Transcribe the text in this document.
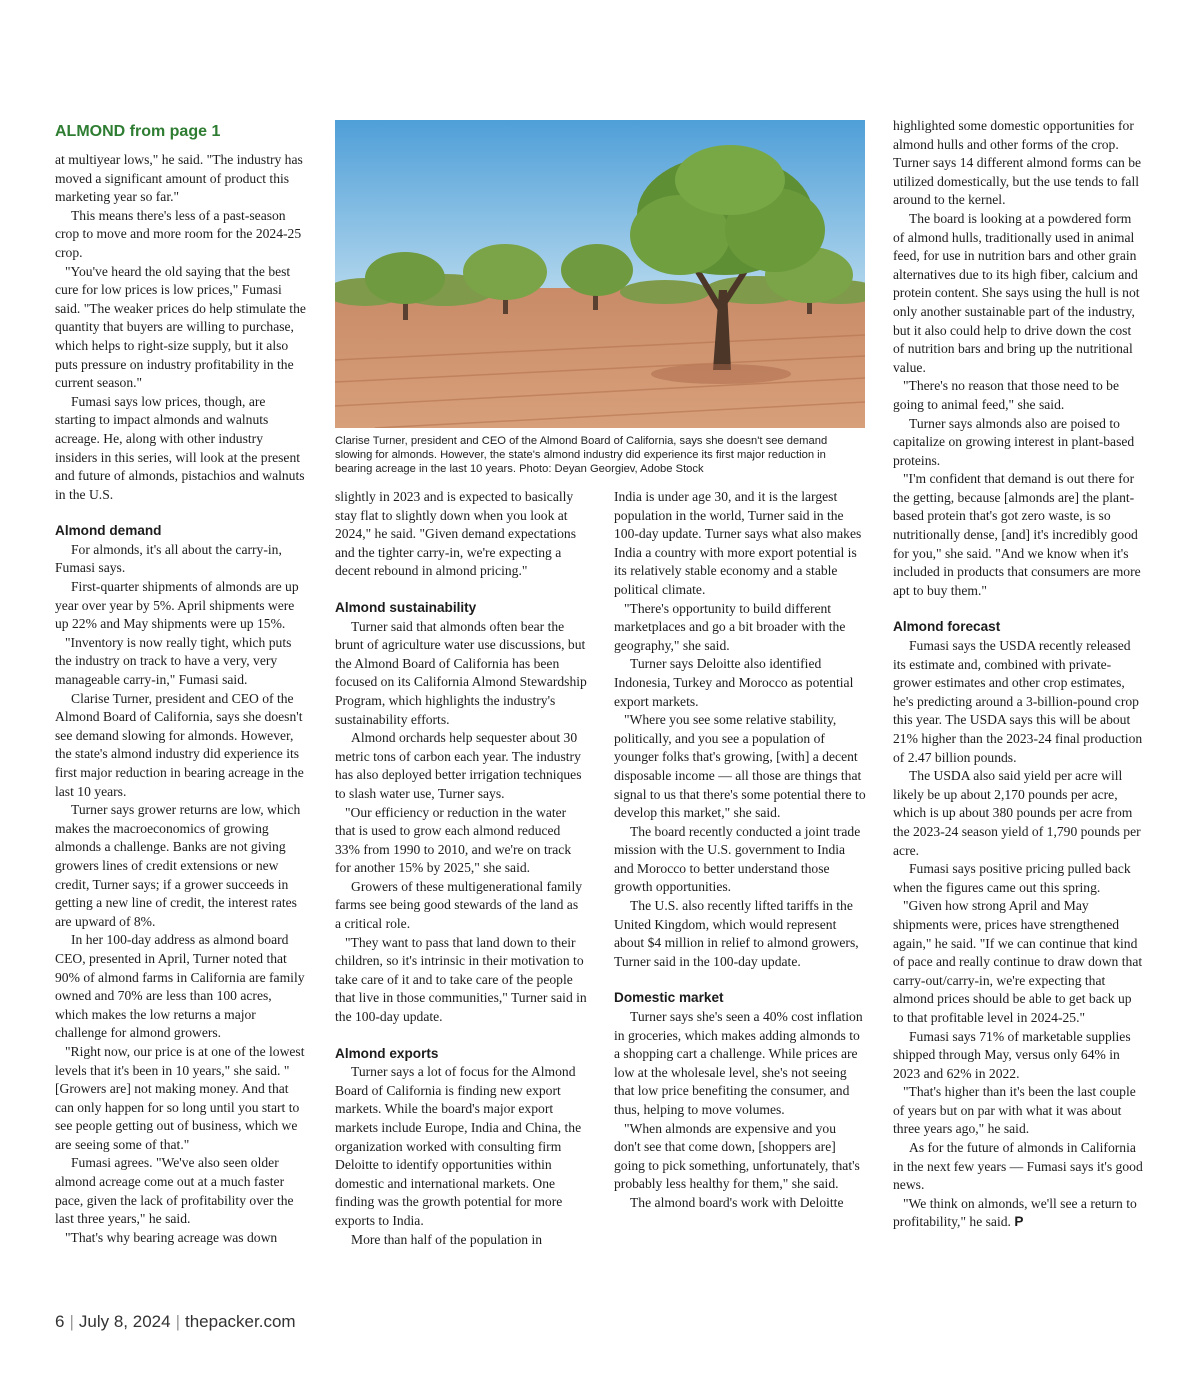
ALMOND from page 1

at multiyear lows," he said. "The industry has moved a significant amount of product this marketing year so far."

This means there's less of a past-season crop to move and more room for the 2024-25 crop.

"You've heard the old saying that the best cure for low prices is low prices," Fumasi said. "The weaker prices do help stimulate the quantity that buyers are willing to purchase, which helps to right-size supply, but it also puts pressure on industry profitability in the current season."

Fumasi says low prices, though, are starting to impact almonds and walnuts acreage. He, along with other industry insiders in this series, will look at the present and future of almonds, pistachios and walnuts in the U.S.

Almond demand

For almonds, it's all about the carry-in, Fumasi says.

First-quarter shipments of almonds are up year over year by 5%. April shipments were up 22% and May shipments were up 15%.

"Inventory is now really tight, which puts the industry on track to have a very, very manageable carry-in," Fumasi said.

Clarise Turner, president and CEO of the Almond Board of California, says she doesn't see demand slowing for almonds. However, the state's almond industry did experience its first major reduction in bearing acreage in the last 10 years.

Turner says grower returns are low, which makes the macroeconomics of growing almonds a challenge. Banks are not giving growers lines of credit extensions or new credit, Turner says; if a grower succeeds in getting a new line of credit, the interest rates are upward of 8%.

In her 100-day address as almond board CEO, presented in April, Turner noted that 90% of almond farms in California are family owned and 70% are less than 100 acres, which makes the low returns a major challenge for almond growers.

"Right now, our price is at one of the lowest levels that it's been in 10 years," she said. "[Growers are] not making money. And that can only happen for so long until you start to see people getting out of business, which we are seeing some of that."

Fumasi agrees. "We've also seen older almond acreage come out at a much faster pace, given the lack of profitability over the last three years," he said.

"That's why bearing acreage was down

Clarise Turner, president and CEO of the Almond Board of California, says she doesn't see demand slowing for almonds. However, the state's almond industry did experience its first major reduction in bearing acreage in the last 10 years. Photo: Deyan Georgiev, Adobe Stock

slightly in 2023 and is expected to basically stay flat to slightly down when you look at 2024," he said. "Given demand expectations and the tighter carry-in, we're expecting a decent rebound in almond pricing."

Almond sustainability

Turner said that almonds often bear the brunt of agriculture water use discussions, but the Almond Board of California has been focused on its California Almond Stewardship Program, which highlights the industry's sustainability efforts.

Almond orchards help sequester about 30 metric tons of carbon each year. The industry has also deployed better irrigation techniques to slash water use, Turner says.

"Our efficiency or reduction in the water that is used to grow each almond reduced 33% from 1990 to 2010, and we're on track for another 15% by 2025," she said.

Growers of these multigenerational family farms see being good stewards of the land as a critical role.

"They want to pass that land down to their children, so it's intrinsic in their motivation to take care of it and to take care of the people that live in those communities," Turner said in the 100-day update.

Almond exports

Turner says a lot of focus for the Almond Board of California is finding new export markets. While the board's major export markets include Europe, India and China, the organization worked with consulting firm Deloitte to identify opportunities within domestic and international markets. One finding was the growth potential for more exports to India.

More than half of the population in

India is under age 30, and it is the largest population in the world, Turner said in the 100-day update. Turner says what also makes India a country with more export potential is its relatively stable economy and a stable political climate.

"There's opportunity to build different marketplaces and go a bit broader with the geography," she said.

Turner says Deloitte also identified Indonesia, Turkey and Morocco as potential export markets.

"Where you see some relative stability, politically, and you see a population of younger folks that's growing, [with] a decent disposable income — all those are things that signal to us that there's some potential there to develop this market," she said.

The board recently conducted a joint trade mission with the U.S. government to India and Morocco to better understand those growth opportunities.

The U.S. also recently lifted tariffs in the United Kingdom, which would represent about $4 million in relief to almond growers, Turner said in the 100-day update.

Domestic market

Turner says she's seen a 40% cost inflation in groceries, which makes adding almonds to a shopping cart a challenge. While prices are low at the wholesale level, she's not seeing that low price benefiting the consumer, and thus, helping to move volumes.

"When almonds are expensive and you don't see that come down, [shoppers are] going to pick something, unfortunately, that's probably less healthy for them," she said.

The almond board's work with Deloitte

highlighted some domestic opportunities for almond hulls and other forms of the crop. Turner says 14 different almond forms can be utilized domestically, but the use tends to fall around to the kernel.

The board is looking at a powdered form of almond hulls, traditionally used in animal feed, for use in nutrition bars and other grain alternatives due to its high fiber, calcium and protein content. She says using the hull is not only another sustainable part of the industry, but it also could help to drive down the cost of nutrition bars and bring up the nutritional value.

"There's no reason that those need to be going to animal feed," she said.

Turner says almonds also are poised to capitalize on growing interest in plant-based proteins.

"I'm confident that demand is out there for the getting, because [almonds are] the plant-based protein that's got zero waste, is so nutritionally dense, [and] it's incredibly good for you," she said. "And we know when it's included in products that consumers are more apt to buy them."

Almond forecast

Fumasi says the USDA recently released its estimate and, combined with private-grower estimates and other crop estimates, he's predicting around a 3-billion-pound crop this year. The USDA says this will be about 21% higher than the 2023-24 final production of 2.47 billion pounds.

The USDA also said yield per acre will likely be up about 2,170 pounds per acre, which is up about 380 pounds per acre from the 2023-24 season yield of 1,790 pounds per acre.

Fumasi says positive pricing pulled back when the figures came out this spring.

"Given how strong April and May shipments were, prices have strengthened again," he said. "If we can continue that kind of pace and really continue to draw down that carry-out/carry-in, we're expecting that almond prices should be able to get back up to that profitable level in 2024-25."

Fumasi says 71% of marketable supplies shipped through May, versus only 64% in 2023 and 62% in 2022.

"That's higher than it's been the last couple of years but on par with what it was about three years ago," he said.

As for the future of almonds in California in the next few years — Fumasi says it's good news.

"We think on almonds, we'll see a return to profitability," he said. P

6 | July 8, 2024 | thepacker.com
